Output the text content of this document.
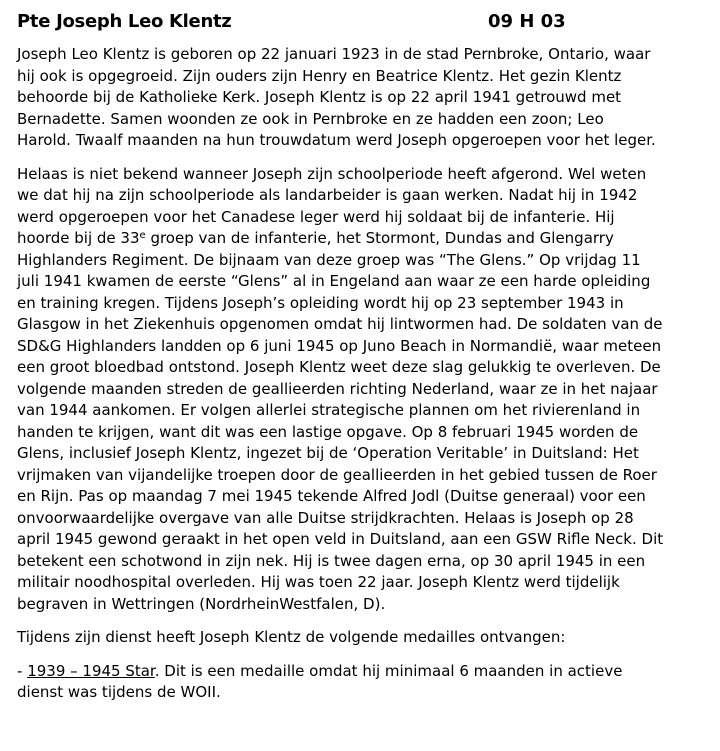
Pte Joseph Leo Klentz	09 H 03
Joseph Leo Klentz is geboren op 22 januari 1923 in de stad Pernbroke, Ontario, waar
hij ook is opgegroeid. Zijn ouders zijn Henry en Beatrice Klentz. Het gezin Klentz
behoorde bij de Katholieke Kerk. Joseph Klentz is op 22 april 1941 getrouwd met
Bernadette. Samen woonden ze ook in Pernbroke en ze hadden een zoon; Leo
Harold. Twaalf maanden na hun trouwdatum werd Joseph opgeroepen voor het leger.
Helaas is niet bekend wanneer Joseph zijn schoolperiode heeft afgerond. Wel weten
we dat hij na zijn schoolperiode als landarbeider is gaan werken. Nadat hij in 1942
werd opgeroepen voor het Canadese leger werd hij soldaat bij de infanterie. Hij
hoorde bij de 33e groep van de infanterie, het Stormont, Dundas and Glengarry
Highlanders Regiment. De bijnaam van deze groep was “The Glens.” Op vrijdag 11
juli 1941 kwamen de eerste “Glens” al in Engeland aan waar ze een harde opleiding
en training kregen. Tijdens Joseph’s opleiding wordt hij op 23 september 1943 in
Glasgow in het Ziekenhuis opgenomen omdat hij lintwormen had. De soldaten van de
SD&G Highlanders landden op 6 juni 1945 op Juno Beach in Normandië, waar meteen
een groot bloedbad ontstond. Joseph Klentz weet deze slag gelukkig te overleven. De
volgende maanden streden de geallieerden richting Nederland, waar ze in het najaar
van 1944 aankomen. Er volgen allerlei strategische plannen om het rivierenland in
handen te krijgen, want dit was een lastige opgave. Op 8 februari 1945 worden de
Glens, inclusief Joseph Klentz, ingezet bij de ‘Operation Veritable’ in Duitsland: Het
vrijmaken van vijandelijke troepen door de geallieerden in het gebied tussen de Roer
en Rijn. Pas op maandag 7 mei 1945 tekende Alfred Jodl (Duitse generaal) voor een
onvoorwaardelijke overgave van alle Duitse strijdkrachten. Helaas is Joseph op 28
april 1945 gewond geraakt in het open veld in Duitsland, aan een GSW Rifle Neck. Dit
betekent een schotwond in zijn nek. Hij is twee dagen erna, op 30 april 1945 in een
militair noodhospital overleden. Hij was toen 22 jaar. Joseph Klentz werd tijdelijk
begraven in Wettringen (NordrheinWestfalen, D).
Tijdens zijn dienst heeft Joseph Klentz de volgende medailles ontvangen:
- 1939 – 1945 Star. Dit is een medaille omdat hij minimaal 6 maanden in actieve
dienst was tijdens de WOII.
